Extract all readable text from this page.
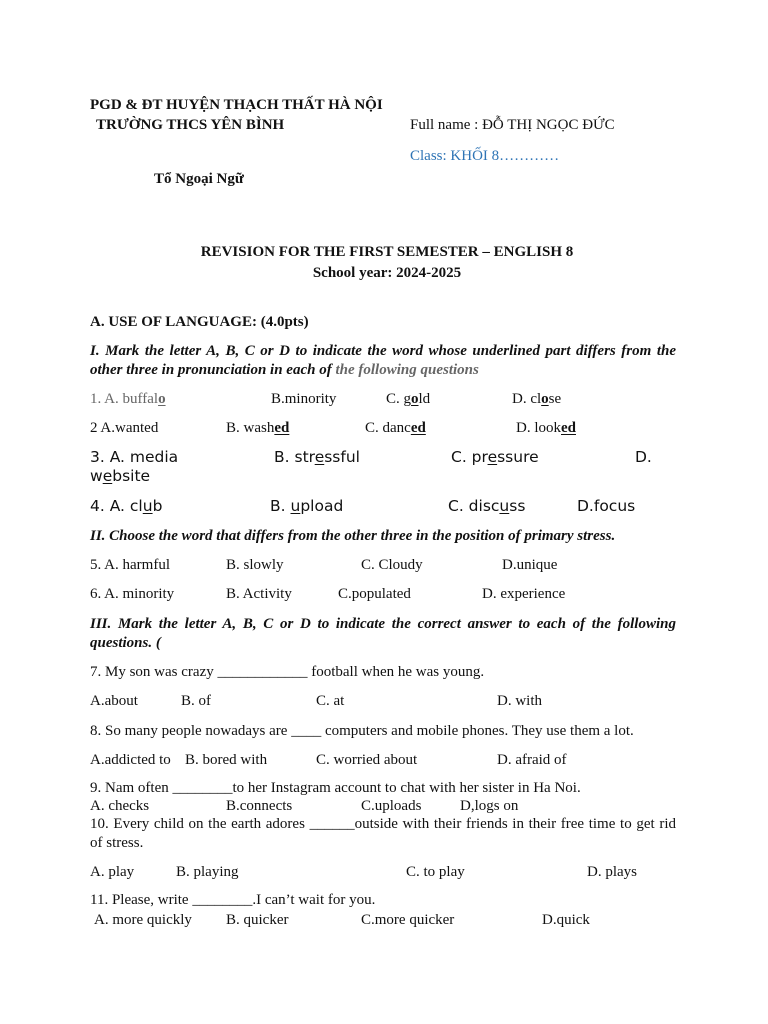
PGD & ĐT HUYỆN THẠCH THẤT HÀ NỘI
TRƯỜNG THCS YÊN BÌNH
Tổ Ngoại Ngữ
Full name : ĐỖ THỊ NGỌC ĐỨC
Class: KHỐI 8…………
REVISION FOR THE FIRST SEMESTER – ENGLISH 8
School year: 2024-2025
A. USE OF LANGUAGE: (4.0pts)
I. Mark the letter A, B, C or D to indicate the word whose underlined part differs from the other three in pronunciation in each of the following questions
1. A. buffalo	B.minority	C. gold	D. close
2 A.wanted	B. washed	C. danced	D. looked
3. A. media	B. stressful	C. pressure	D.
website
4. A. club	B. upload	C. discuss	D.focus
II. Choose the word that differs from the other three in the position of primary stress.
5. A. harmful	B. slowly	C. Cloudy	D.unique
6. A. minority	B. Activity	C.populated	D. experience
III. Mark the letter A, B, C or D to indicate the correct answer to each of the following questions. (
7. My son was crazy ____________ football when he was young.
A.about	B. of	C. at	D. with
8. So many people nowadays are ____ computers and mobile phones. They use them a lot.
A.addicted to B. bored with	C. worried about	D. afraid of
9. Nam often ________to her Instagram account to chat with her sister in Ha Noi.
A. checks	B.connects	C.uploads	D,logs on
10. Every child on the earth adores ______outside with their friends in their free time to get rid of stress.
A. play	B. playing	C. to play	D. plays
11. Please, write ________.I can’t wait for you.
A. more quickly B. quicker	C.more quicker	D.quick
